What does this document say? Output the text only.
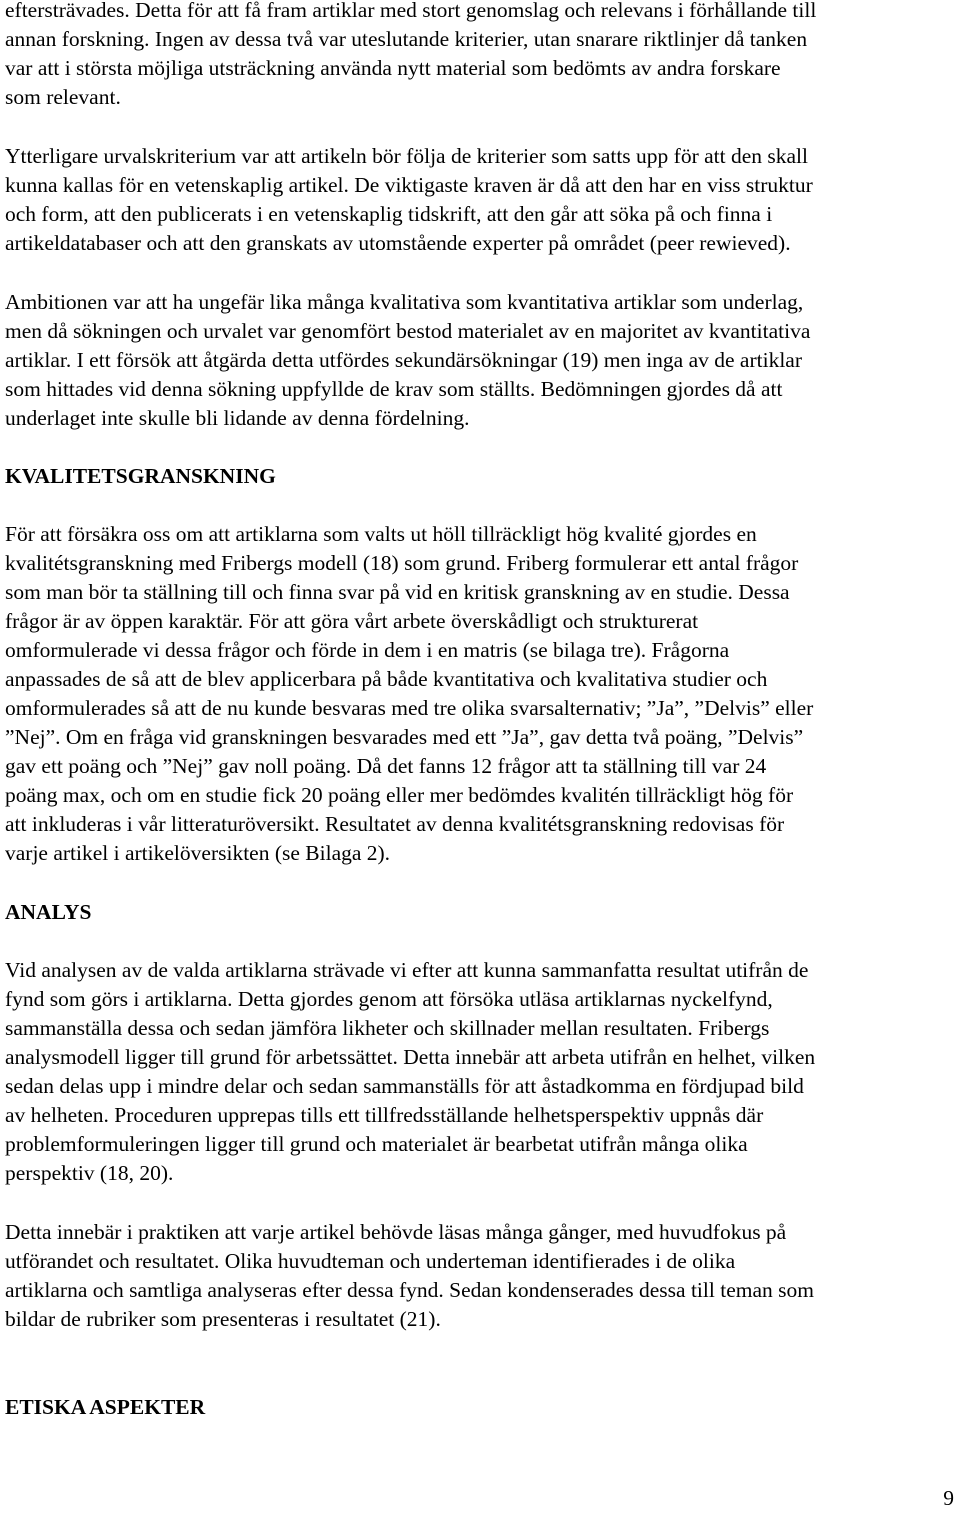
eftersträvades. Detta för att få fram artiklar med stort genomslag och relevans i förhållande till
annan forskning. Ingen av dessa två var uteslutande kriterier, utan snarare riktlinjer då tanken
var att i största möjliga utsträckning använda nytt material som bedömts av andra forskare
som relevant.
Ytterligare urvalskriterium var att artikeln bör följa de kriterier som satts upp för att den skall
kunna kallas för en vetenskaplig artikel. De viktigaste kraven är då att den har en viss struktur
och form, att den publicerats i en vetenskaplig tidskrift, att den går att söka på och finna i
artikeldatabaser och att den granskats av utomstående experter på området (peer rewieved).
Ambitionen var att ha ungefär lika många kvalitativa som kvantitativa artiklar som underlag,
men då sökningen och urvalet var genomfört bestod materialet av en majoritet av kvantitativa
artiklar. I ett försök att åtgärda detta utfördes sekundärsökningar (19) men inga av de artiklar
som hittades vid denna sökning uppfyllde de krav som ställts. Bedömningen gjordes då att
underlaget inte skulle bli lidande av denna fördelning.
KVALITETSGRANSKNING
För att försäkra oss om att artiklarna som valts ut höll tillräckligt hög kvalité gjordes en
kvalitétsgranskning med Fribergs modell (18) som grund. Friberg formulerar ett antal frågor
som man bör ta ställning till och finna svar på vid en kritisk granskning av en studie. Dessa
frågor är av öppen karaktär. För att göra vårt arbete överskådligt och strukturerat
omformulerade vi dessa frågor och förde in dem i en matris (se bilaga tre). Frågorna
anpassades de så att de blev applicerbara på både kvantitativa och kvalitativa studier och
omformulerades så att de nu kunde besvaras med tre olika svarsalternativ; ”Ja”, ”Delvis” eller
”Nej”. Om en fråga vid granskningen besvarades med ett ”Ja”, gav detta två poäng, ”Delvis”
gav ett poäng och ”Nej” gav noll poäng. Då det fanns 12 frågor att ta ställning till var 24
poäng max, och om en studie fick 20 poäng eller mer bedömdes kvalitén tillräckligt hög för
att inkluderas i vår litteraturöversikt. Resultatet av denna kvalitétsgranskning redovisas för
varje artikel i artikelöversikten (se Bilaga 2).
ANALYS
Vid analysen av de valda artiklarna strävade vi efter att kunna sammanfatta resultat utifrån de
fynd som görs i artiklarna. Detta gjordes genom att försöka utläsa artiklarnas nyckelfynd,
sammanställa dessa och sedan jämföra likheter och skillnader mellan resultaten. Fribergs
analysmodell ligger till grund för arbetssättet. Detta innebär att arbeta utifrån en helhet, vilken
sedan delas upp i mindre delar och sedan sammanställs för att åstadkomma en fördjupad bild
av helheten. Proceduren upprepas tills ett tillfredsställande helhetsperspektiv uppnås där
problemformuleringen ligger till grund och materialet är bearbetat utifrån många olika
perspektiv (18, 20).
Detta innebär i praktiken att varje artikel behövde läsas många gånger, med huvudfokus på
utförandet och resultatet. Olika huvudteman och underteman identifierades i de olika
artiklarna och samtliga analyseras efter dessa fynd. Sedan kondenserades dessa till teman som
bildar de rubriker som presenteras i resultatet (21).
ETISKA ASPEKTER
9
